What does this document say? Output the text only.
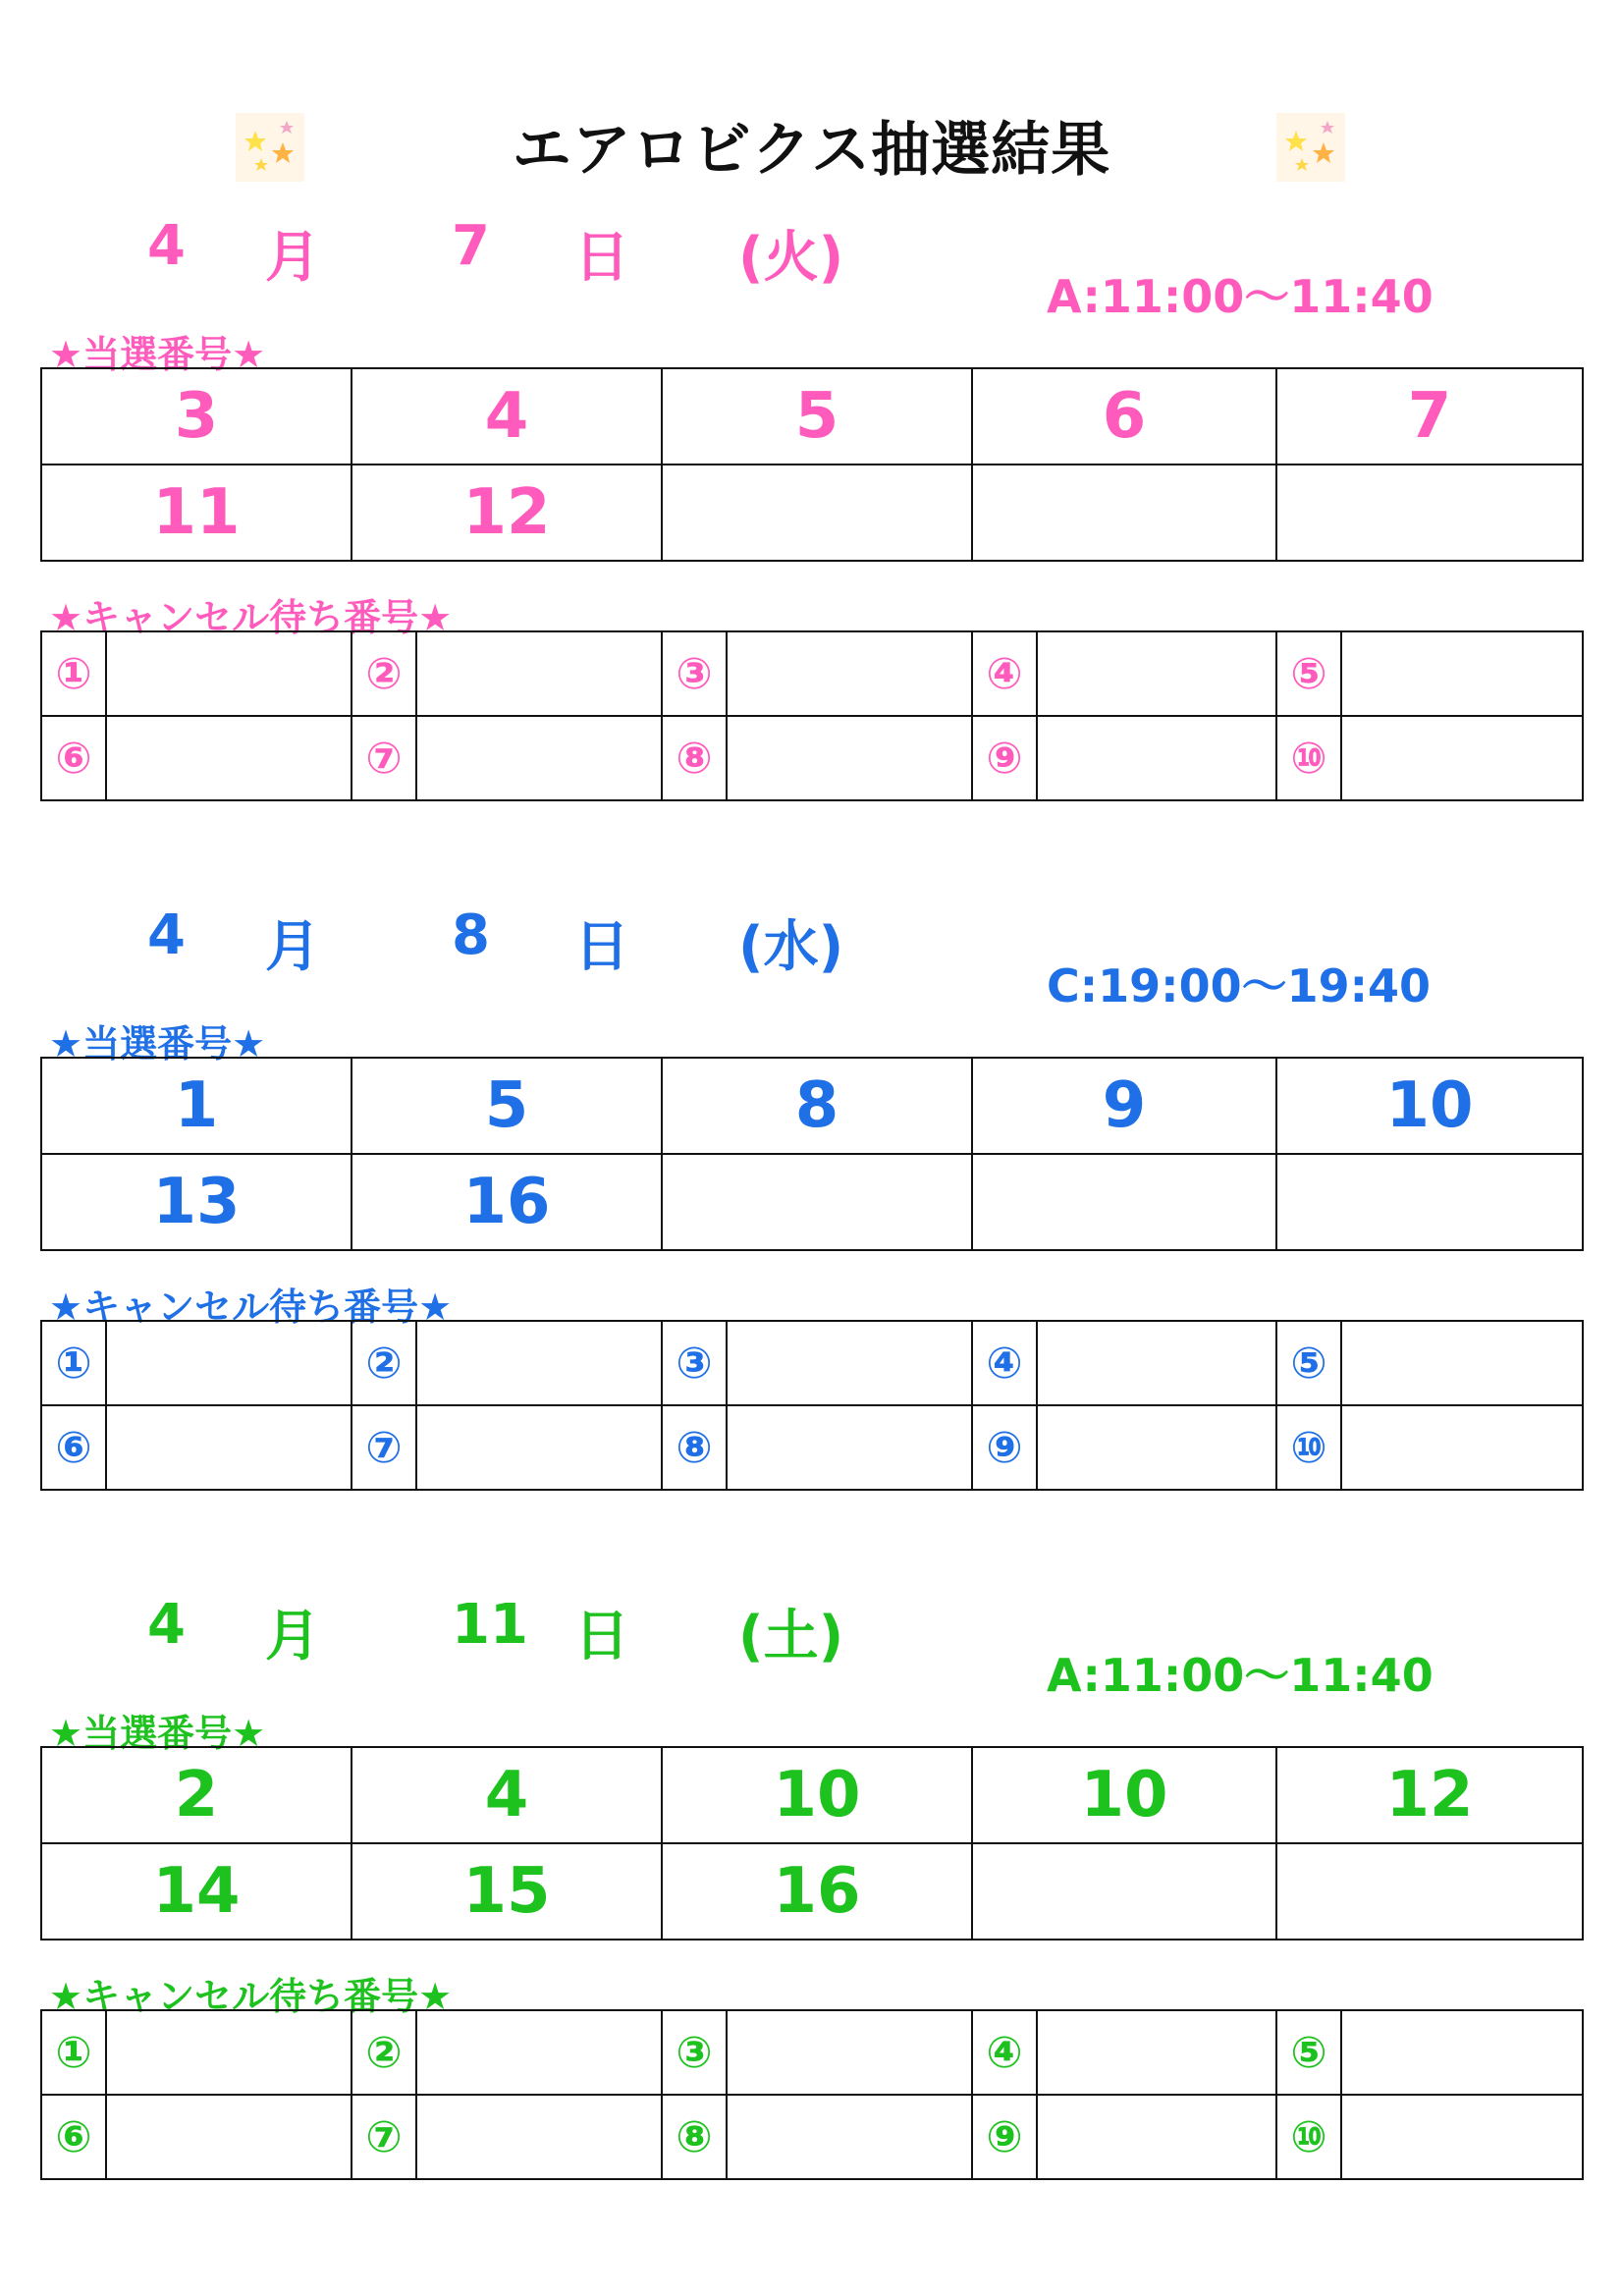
エアロビクス抽選結果
4 月 7 日 (火)
A:11:00～11:40
★当選番号★
3	4	5	6	7
11	12			
★キャンセル待ち番号★
①		②		③		④		⑤	
⑥		⑦		⑧		⑨		⑩	
4 月 8 日 (水)
C:19:00～19:40
★当選番号★
1	5	8	9	10
13	16			
★キャンセル待ち番号★
①		②		③		④		⑤	
⑥		⑦		⑧		⑨		⑩	
4 月 11 日 (土)
A:11:00～11:40
★当選番号★
2	4	10	10	12
14	15	16		
★キャンセル待ち番号★
①		②		③		④		⑤	
⑥		⑦		⑧		⑨		⑩	
